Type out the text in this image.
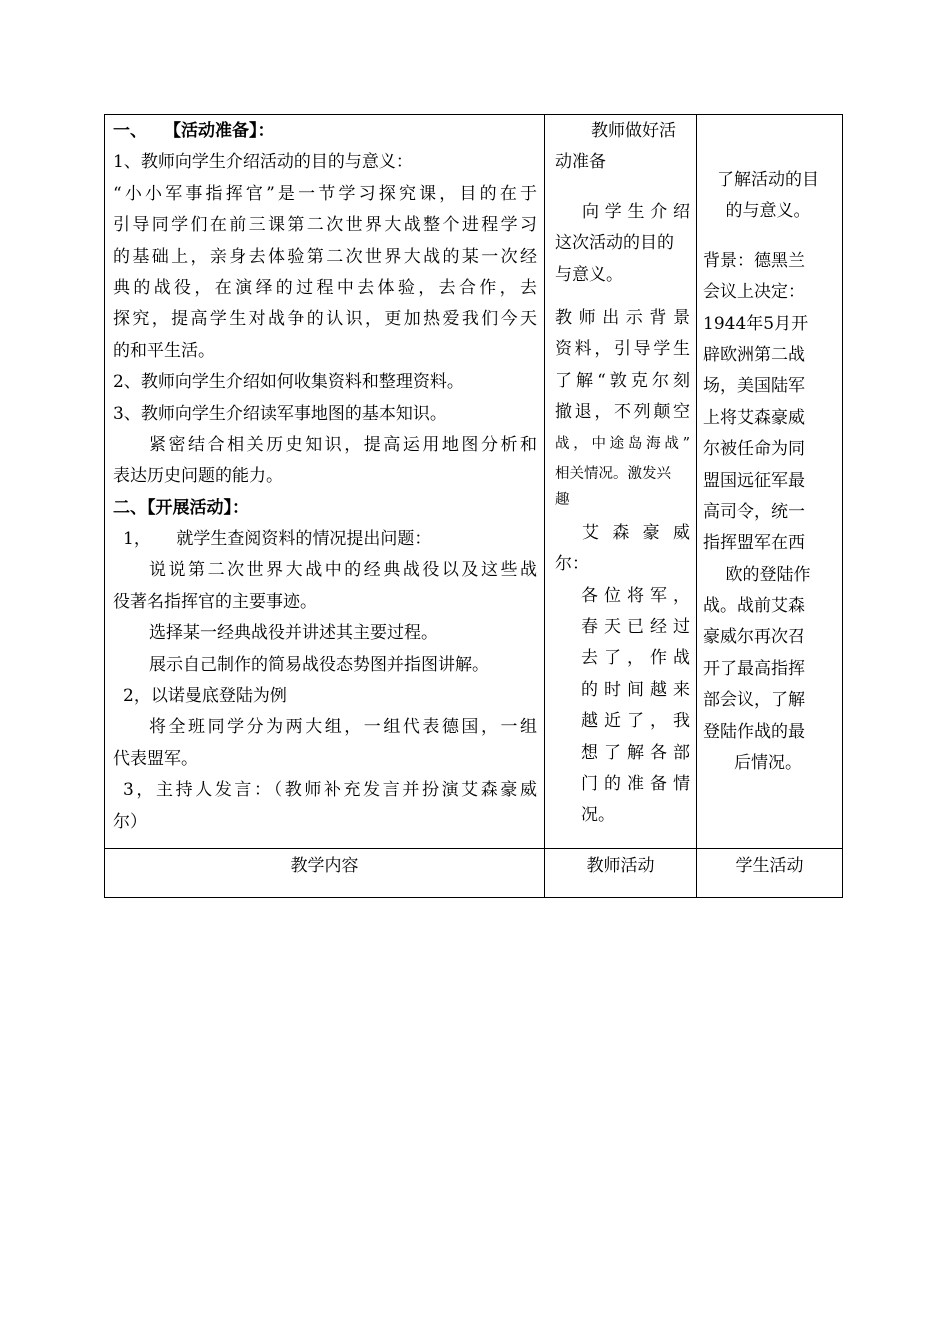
一、　　【活动准备】：
1、教师向学生介绍活动的目的与意义：
“小小军事指挥官”是一节学习探究课，目的在于
引导同学们在前三课第二次世界大战整个进程学习
的基础上，亲身去体验第二次世界大战的某一次经
典的战役，在演绎的过程中去体验，去合作，去
探究，提高学生对战争的认识，更加热爱我们今天
的和平生活。
2、教师向学生介绍如何收集资料和整理资料。
3、教师向学生介绍读军事地图的基本知识。
紧密结合相关历史知识，提高运用地图分析和
表达历史问题的能力。
二、【开展活动】：
1，　　就学生查阅资料的情况提出问题：
说说第二次世界大战中的经典战役以及这些战
役著名指挥官的主要事迹。
选择某一经典战役并讲述其主要过程。
展示自己制作的简易战役态势图并指图讲解。
2，以诺曼底登陆为例
将全班同学分为两大组，一组代表德国，一组
代表盟军。
3，主持人发言：（教师补充发言并扮演艾森豪威
尔）
教师做好活
动准备
向学生介绍
这次活动的目的
与意义。
教师出示背景
资料，引导学生
了解“敦克尔刻
撤退，不列颠空
战，中途岛海战”
相关情况。激发兴
趣
艾森豪威
尔：
各位将军，
春天已经过
去了，作战
的时间越来
越近了，我
想了解各部
门的准备情
况。
了解活动的目
的与意义。
背景：德黑兰
会议上决定：
1944年5月开
辟欧洲第二战
场，美国陆军
上将艾森豪威
尔被任命为同
盟国远征军最
高司令，统一
指挥盟军在西
欧的登陆作
战。战前艾森
豪威尔再次召
开了最高指挥
部会议，了解
登陆作战的最
后情况。
教学内容	教师活动	学生活动
